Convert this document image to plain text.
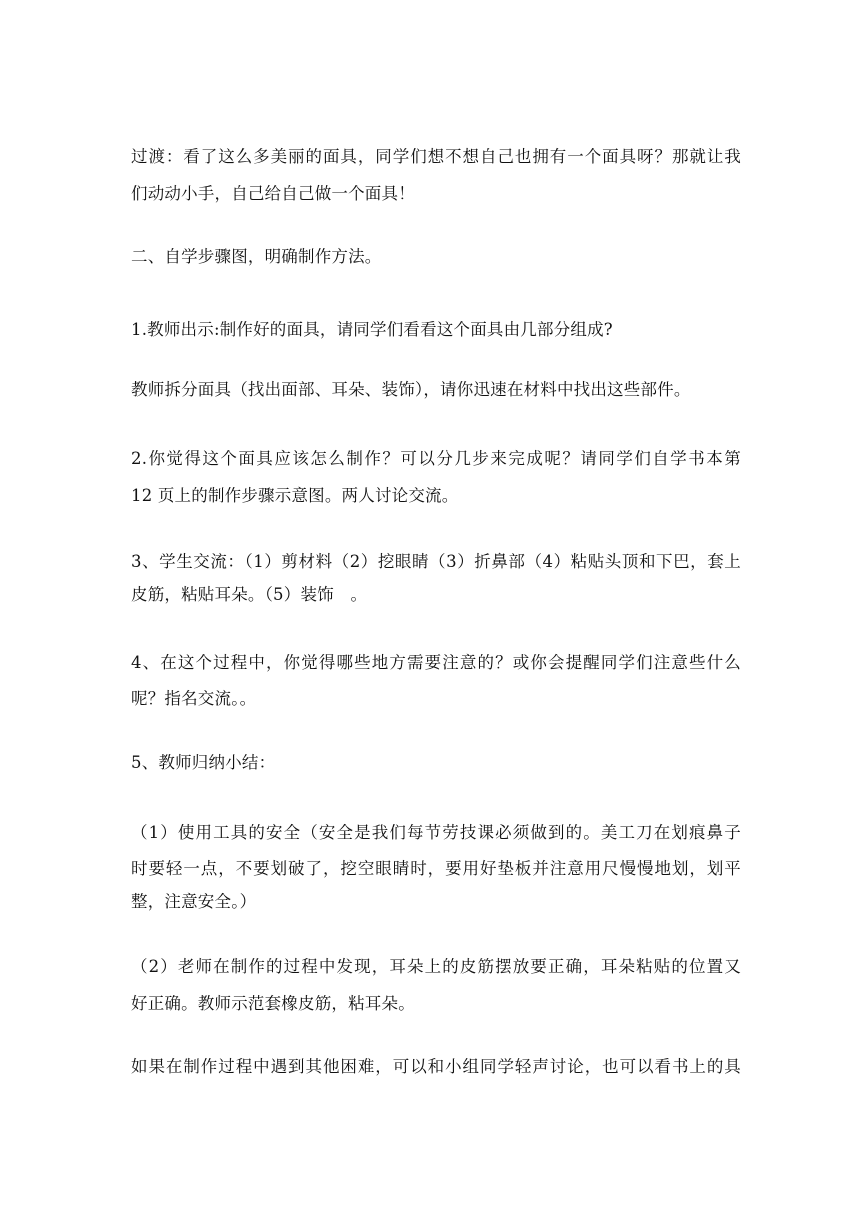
过渡：看了这么多美丽的面具，同学们想不想自己也拥有一个面具呀？那就让我
们动动小手，自己给自己做一个面具！
二、自学步骤图，明确制作方法。
1.教师出示:制作好的面具，请同学们看看这个面具由几部分组成?
教师拆分面具（找出面部、耳朵、装饰），请你迅速在材料中找出这些部件。
2.你觉得这个面具应该怎么制作？可以分几步来完成呢？请同学们自学书本第
12 页上的制作步骤示意图。两人讨论交流。
3、学生交流：（1）剪材料（2）挖眼睛（3）折鼻部（4）粘贴头顶和下巴，套上
皮筋，粘贴耳朵。（5）装饰　。
4、在这个过程中，你觉得哪些地方需要注意的？或你会提醒同学们注意些什么
呢？指名交流。。
5、教师归纳小结：
（1）使用工具的安全（安全是我们每节劳技课必须做到的。美工刀在划痕鼻子
时要轻一点，不要划破了，挖空眼睛时，要用好垫板并注意用尺慢慢地划，划平
整，注意安全。）
（2）老师在制作的过程中发现，耳朵上的皮筋摆放要正确，耳朵粘贴的位置又
好正确。教师示范套橡皮筋，粘耳朵。
如果在制作过程中遇到其他困难，可以和小组同学轻声讨论，也可以看书上的具
